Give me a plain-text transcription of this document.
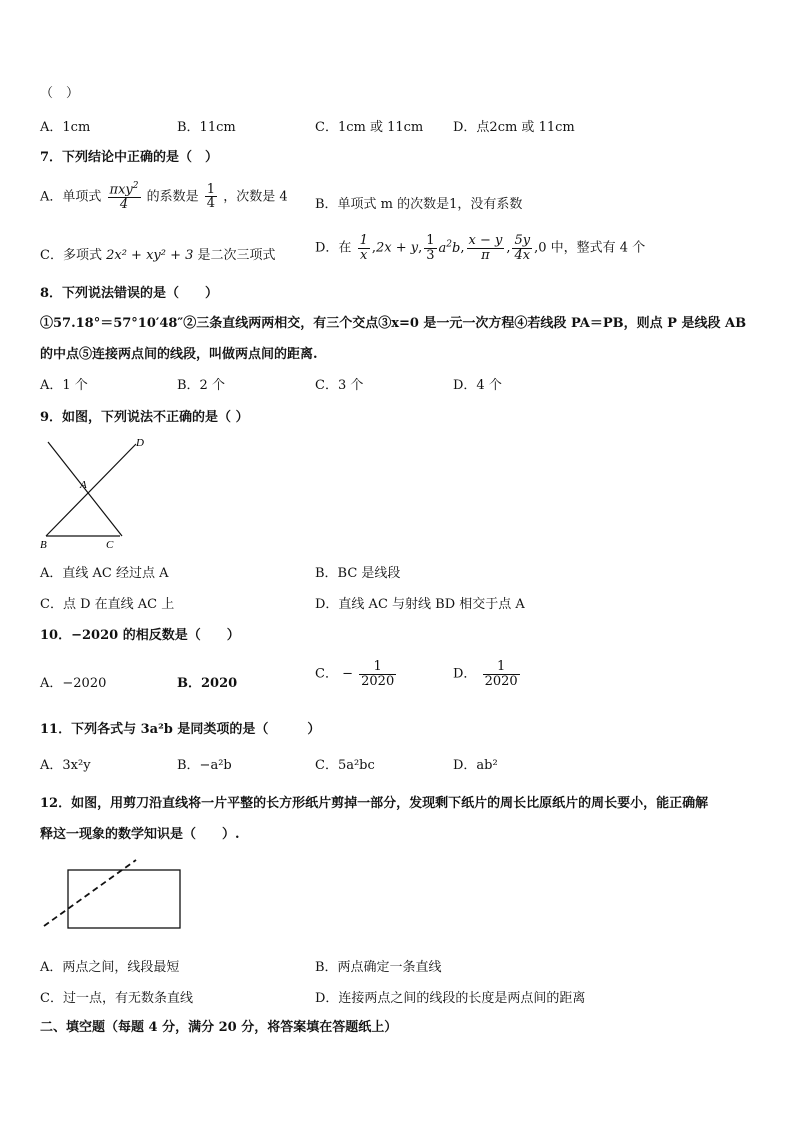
（　）
A．1cm	B．11cm	C．1cm 或 11cm D．点2cm 或 11cm
7．下列结论中正确的是（　）
A．单项式 $\frac{\pi xy^2}{4}$ 的系数是 $\frac{1}{4}$ ，次数是 4
B．单项式 m 的次数是1，没有系数
C．多项式 2x² + xy² + 3 是二次三项式	D．在 $\frac{1}{x} ,2x + y$, $\frac{1}{3} a^2b$, $\frac{x - y}{\pi}$ , $\frac{5y}{4x} ,0$ 中，整式有 4 个
8．下列说法错误的是（　　）
①57.18°＝57°10′48″②三条直线两两相交，有三个交点③x=0 是一元一次方程④若线段 PA＝PB，则点 P 是线段 AB
的中点⑤连接两点间的线段，叫做两点间的距离.
A．1 个	B．2 个	C．3 个	D．4 个
9．如图，下列说法不正确的是（ ）
A
B	C
D
A．直线 AC 经过点 A	B．BC 是线段
C．点 D 在直线 AC 上	D．直线 AC 与射线 BD 相交于点 A
10．−2020 的相反数是（　　）
A．−2020	B．2020
C． − $\frac{1}{2020}$	D． $\frac{1}{2020}$
11．下列各式与 3a²b 是同类项的是（　　　）
A．3x²y	B．−a²b	C．5a²bc	D．ab²
12．如图，用剪刀沿直线将一片平整的长方形纸片剪掉一部分，发现剩下纸片的周长比原纸片的周长要小，能正确解
释这一现象的数学知识是（　　）.
A．两点之间，线段最短	B．两点确定一条直线
C．过一点，有无数条直线	D．连接两点之间的线段的长度是两点间的距离
二、填空题（每题 4 分，满分 20 分，将答案填在答题纸上）
